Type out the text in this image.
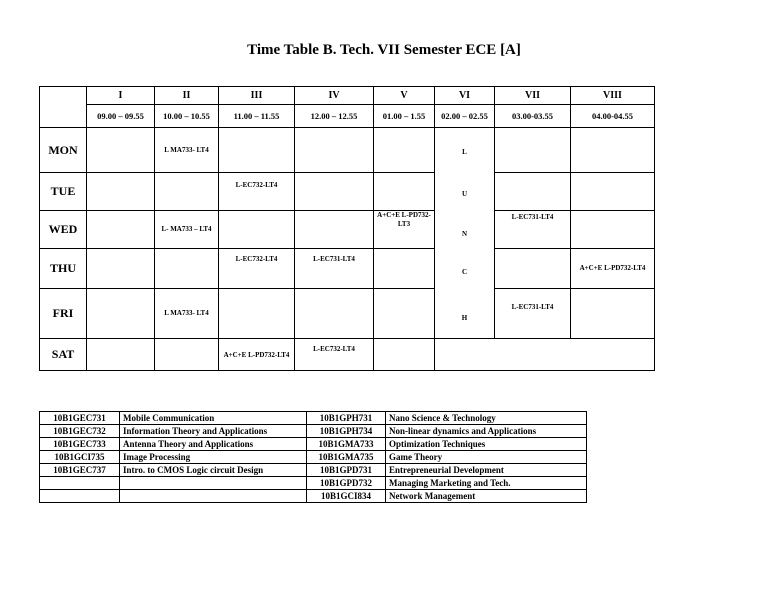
Time Table B. Tech. VII Semester ECE [A]
	I	II	III	IV	V	VI	VII	VIII
	09.00 – 09.55	10.00 – 10.55	11.00 – 11.55	12.00 – 12.55	01.00 – 1.55	02.00 – 02.55	03.00-03.55	04.00-04.55
MON		L MA733- LT4				L
U
N
C
H		

TUE			L-EC732-LT4					
WED		L- MA733 – LT4			A+C+E L-PD732-LT3		L-EC731-LT4	
THU			L-EC732-LT4	L-EC731-LT4				A+C+E L-PD732-LT4
FRI		L MA733- LT4					L-EC731-LT4	
SAT			A+C+E L-PD732-LT4	L-EC732-LT4				
10B1GEC731	Mobile Communication	10B1GPH731	Nano Science & Technology
10B1GEC732	Information Theory and Applications	10B1GPH734	Non-linear dynamics and Applications
10B1GEC733	Antenna Theory and Applications	10B1GMA733	Optimization Techniques
10B1GCI735	Image Processing	10B1GMA735	Game Theory
10B1GEC737	Intro. to CMOS Logic circuit Design	10B1GPD731	Entrepreneurial Development
		10B1GPD732	Managing Marketing and Tech.
		10B1GCI834	Network Management
